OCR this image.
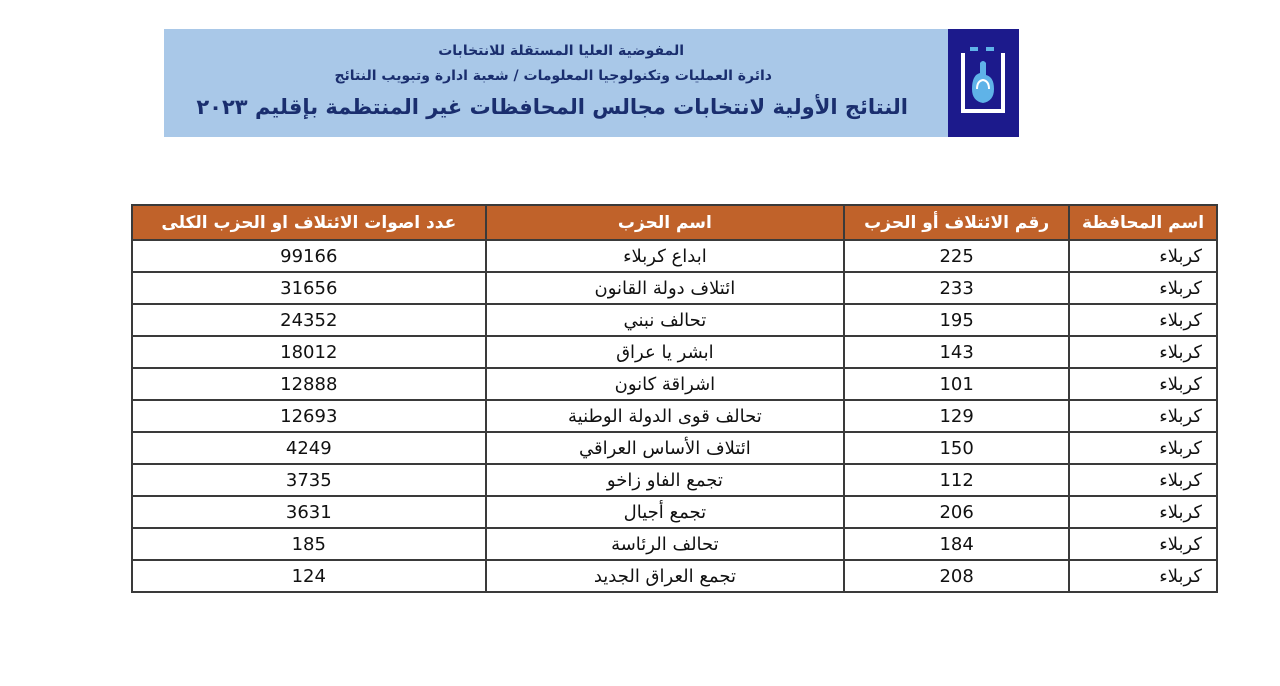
المفوضية العليا المستقلة للانتخابات
دائرة العمليات وتكنولوجيا المعلومات / شعبة ادارة وتبويب النتائج
النتائج الأولية لانتخابات مجالس المحافظات غير المنتظمة بإقليم ٢٠٢٣
اسم المحافظة	رقم الائتلاف أو الحزب	اسم الحزب	عدد اصوات الائتلاف او الحزب الكلى
كربلاء	225	ابداع كربلاء	99166
كربلاء	233	ائتلاف دولة القانون	31656
كربلاء	195	تحالف نبني	24352
كربلاء	143	ابشر يا عراق	18012
كربلاء	101	اشراقة كانون	12888
كربلاء	129	تحالف قوى الدولة الوطنية	12693
كربلاء	150	ائتلاف الأساس العراقي	4249
كربلاء	112	تجمع الفاو زاخو	3735
كربلاء	206	تجمع أجيال	3631
كربلاء	184	تحالف الرئاسة	185
كربلاء	208	تجمع العراق الجديد	124
